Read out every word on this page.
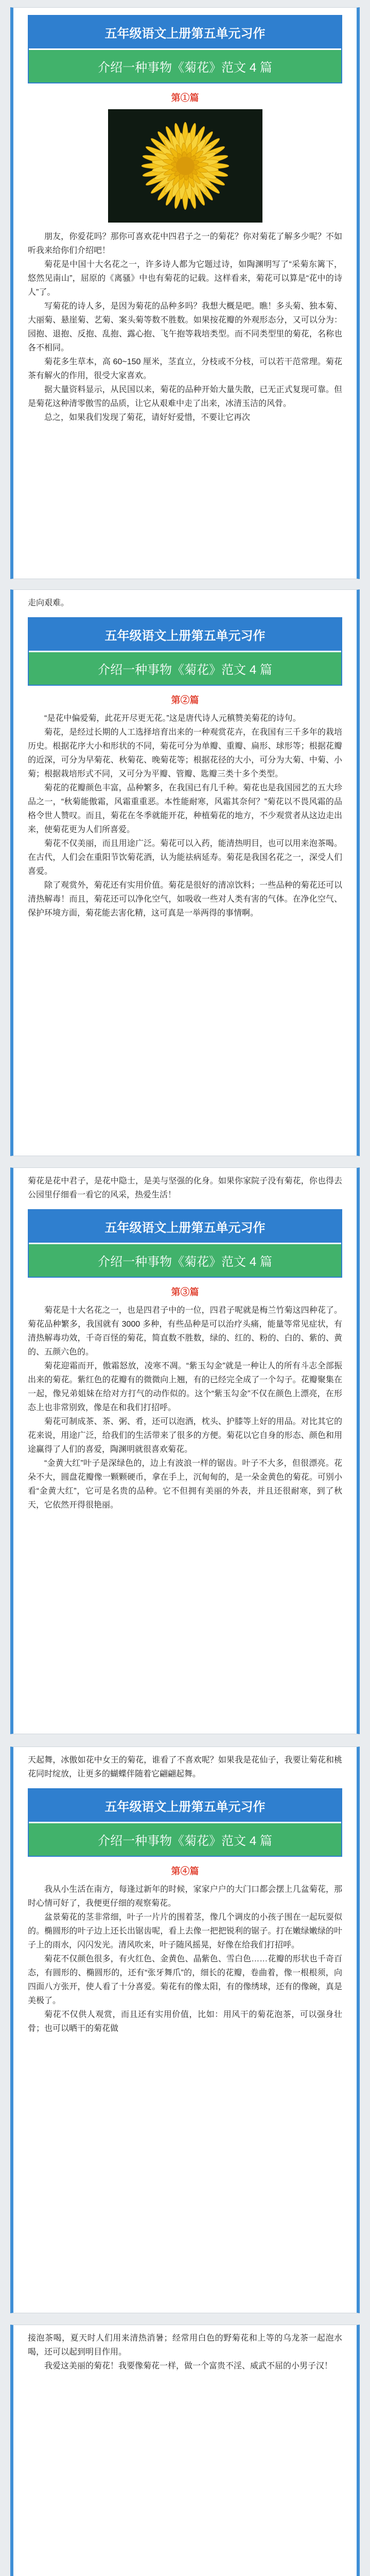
五年级语文上册第五单元习作
介绍一种事物《菊花》范文 4 篇
第①篇
朋友，你爱花吗？那你可喜欢花中四君子之一的菊花？你对菊花了解多少呢？不如听我来给你们介绍吧！
菊花是中国十大名花之一，许多诗人都为它题过诗，如陶渊明写了“采菊东篱下，悠然见南山”，屈原的《离骚》中也有菊花的记载。这样看来，菊花可以算是“花中的诗人”了。
写菊花的诗人多，是因为菊花的品种多吗？我想大概是吧。瞧！多头菊、独本菊、大丽菊、悬崖菊、艺菊、案头菊等数不胜数。如果按花瓣的外观形态分，又可以分为：园抱、退抱、反抱、乱抱、露心抱、飞午抱等栽培类型。而不同类型里的菊花，名称也各不相同。
菊花多生草本，高 60~150 厘米，茎直立，分枝或不分枝，可以若干范常理。菊花茶有解火的作用，很受大家喜欢。
据大量资料显示，从民国以来，菊花的品种开始大量失散，已无正式复现可靠。但是菊花这种清零傲雪的品质，让它从艰难中走了出来，冰清玉洁的风骨。
总之，如果我们发现了菊花，请好好爱惜，不要让它再次
走向艰难。
五年级语文上册第五单元习作
介绍一种事物《菊花》范文 4 篇
第②篇
“是花中偏爱菊，此花开尽更无花。”这是唐代诗人元稹赞美菊花的诗句。
菊花，是经过长期的人工选择培育出来的一种观赏花卉，在我国有三千多年的栽培历史。根据花序大小和形状的不同，菊花可分为单瓣、重瓣、扁形、球形等；根据花瓣的近深，可分为早菊花、秋菊花、晚菊花等；根据花径的大小，可分为大菊、中菊、小菊；根据栽培形式不同，又可分为平瓣、管瓣、匙瓣三类十多个类型。
菊花的花瓣颜色丰富，品种繁多，在我国已有几千种。菊花也是我国园艺的五大珍品之一，“秋菊能傲霜，风霜重重恶。本性能耐寒，风霜其奈何？”菊花以不畏风霜的品格令世人赞叹。而且，菊花在冬季就能开花，种植菊花的地方，不少观赏者从这边走出来，使菊花更为人们所喜爱。
菊花不仅美丽，而且用途广泛。菊花可以入药，能清热明目，也可以用来泡茶喝。在古代，人们会在重阳节饮菊花酒，认为能祛病延寿。菊花是我国名花之一，深受人们喜爱。
除了观赏外，菊花还有实用价值。菊花是很好的清凉饮料；一些品种的菊花还可以清热解毒！而且，菊花还可以净化空气，如吸收一些对人类有害的气体。在净化空气、保护环境方面，菊花能去害化精，这可真是一举两得的事情啊。
菊花是花中君子，是花中隐士，是美与坚强的化身。如果你家院子没有菊花，你也得去公园里仔细看一看它的风采，热爱生活！
五年级语文上册第五单元习作
介绍一种事物《菊花》范文 4 篇
第③篇
菊花是十大名花之一，也是四君子中的一位，四君子呢就是梅兰竹菊这四种花了。菊花品种繁多，我国就有 3000 多种，有些品种是可以治疗头痛，能量等常见症状，有清热解毒功效，千奇百怪的菊花，简直数不胜数，绿的、红的、粉的、白的、紫的、黄的、五颜六色的。
菊花迎霜而开，傲霜怒放，凌寒不凋。“紫玉勾金”就是一种让人的所有斗志全部振出来的菊花。紫红色的花瓣有的微微向上翘，有的已经完全成了一个勾子。花瓣聚集在一起，像兄弟姐妹在给对方打气的动作似的。这个“紫玉勾金”不仅在颜色上漂亮，在形态上也非常别致，像是在和我们打招呼。
菊花可制成茶、茶、粥、肴，还可以泡酒，枕头、护膝等上好的用品。对比其它的花来说，用途广泛，给我们的生活带来了很多的方便。菊花以它自身的形态、颜色和用途赢得了人们的喜爱，陶渊明就很喜欢菊花。
“金黄大红”叶子是深绿色的，边上有波浪一样的锯齿。叶子不大多，但很漂亮。花朵不大，圆盘花瓣像一颗颗硬币，拿在手上，沉甸甸的，是一朵金黄色的菊花。可别小看“金黄大红”，它可是名贵的品种。它不但拥有美丽的外表，并且还很耐寒，到了秋天，它依然开得很艳丽。
天起舞，冰傲如花中女王的菊花，谁看了不喜欢呢？如果我是花仙子，我要让菊花和桃花同时绽放，让更多的蝴蝶伴随着它翩翩起舞。
五年级语文上册第五单元习作
介绍一种事物《菊花》范文 4 篇
第④篇
我从小生活在南方，每逢过新年的时候，家家户户的大门口都会摆上几盆菊花，那时心情可好了，我便更仔细的观察菊花。
盆景菊花的茎非常细，叶子一片片的围着茎，像几个调皮的小孩子围在一起玩耍似的。椭圆形的叶子边上还长出锯齿呢，看上去像一把把锐利的锯子。打在嫩绿嫩绿的叶子上的雨水，闪闪发光。清风吹来，叶子随风摇晃，好像在给我们打招呼。
菊花不仅颜色很多，有火红色、金黄色、晶紫色、雪白色……花瓣的形状也千奇百态，有圆形的、椭圆形的，还有“张牙舞爪”的，细长的花瓣，卷曲着，像一根根须，向四面八方张开，使人看了十分喜爱。菊花有的像太阳，有的像绣球，还有的像碗，真是美极了。
菊花不仅供人观赏，而且还有实用价值，比如：用风干的菊花泡茶，可以强身壮骨；也可以晒干的菊花做
接泡茶喝，夏天时人们用来清热消暑；经常用白色的野菊花和上等的乌龙茶一起泡水喝，还可以起到明目作用。
我爱这美丽的菊花！我要像菊花一样，做一个富贵不淫、威武不屈的小男子汉！
